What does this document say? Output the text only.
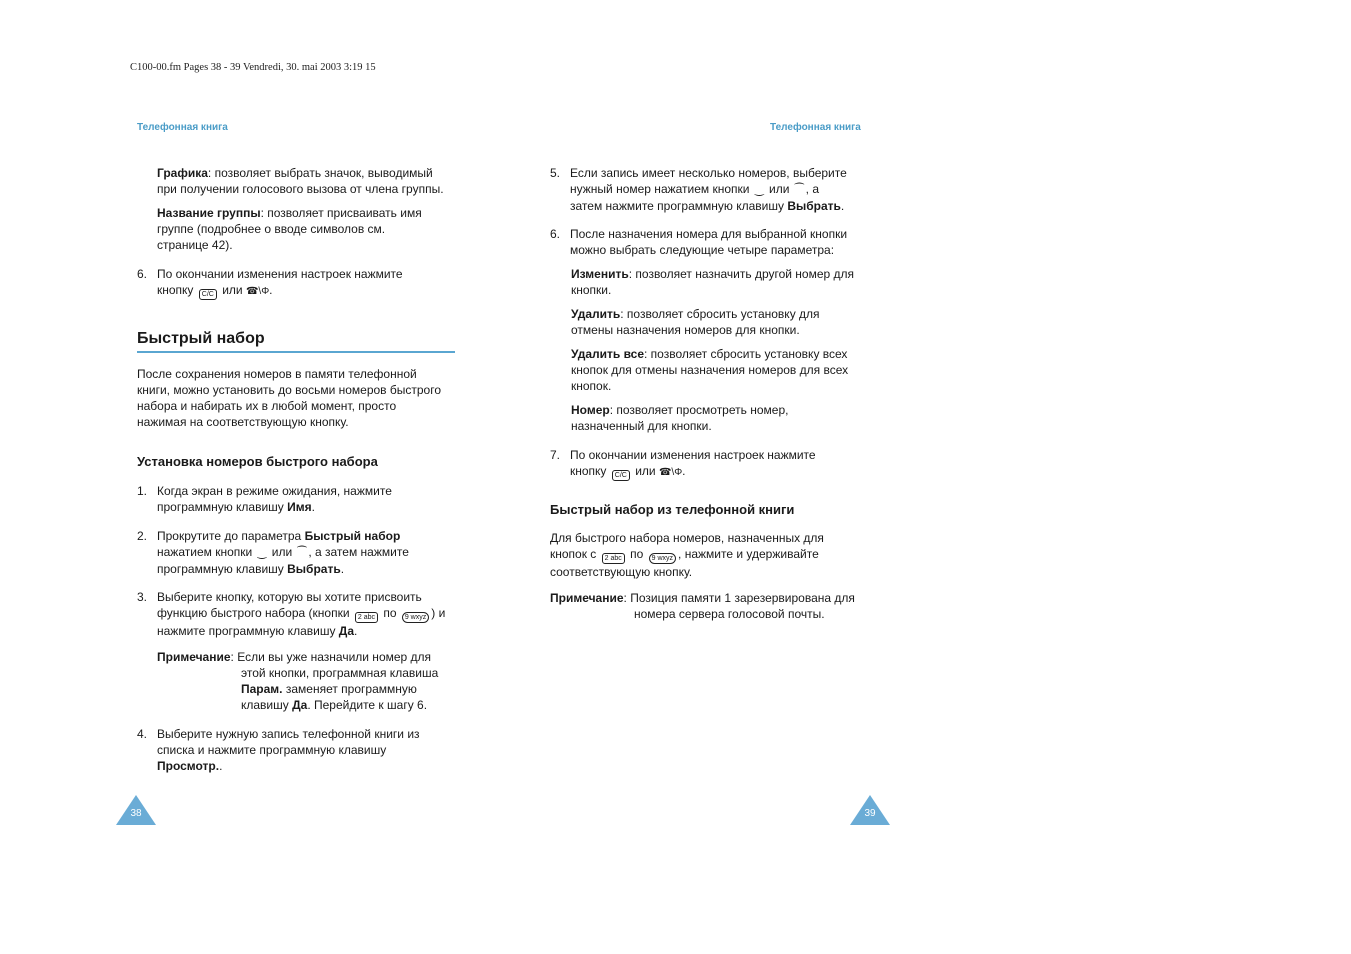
C100-00.fm Pages 38 - 39 Vendredi, 30. mai 2003 3:19 15
Телефонная книга	Телефонная книга
Графика: позволяет выбрать значок, выводимый
при получении голосового вызова от члена группы.
Название группы: позволяет присваивать имя
группе (подробнее о вводе символов см.
странице 42).
6. По окончании изменения настроек нажмите
кнопку C/C или ☎\Φ.
Быстрый набор
После сохранения номеров в памяти телефонной
книги, можно установить до восьми номеров быстрого
набора и набирать их в любой момент, просто
нажимая на соответствующую кнопку.
Установка номеров быстрого набора
1. Когда экран в режиме ожидания, нажмите
программную клавишу Имя.
2. Прокрутите до параметра Быстрый набор
нажатием кнопки ‿ или ⁀ , а затем нажмите
программную клавишу Выбрать.
3. Выберите кнопку, которую вы хотите присвоить
функцию быстрого набора (кнопки 2 abc по 9 wxyz ) и
нажмите программную клавишу Да.
Примечание: Если вы уже назначили номер для
этой кнопки, программная клавиша
Парам. заменяет программную
клавишу Да. Перейдите к шагу 6.
4. Выберите нужную запись телефонной книги из
списка и нажмите программную клавишу
Просмотр..
38
5. Если запись имеет несколько номеров, выберите
нужный номер нажатием кнопки ‿ или ⁀ , а
затем нажмите программную клавишу Выбрать.
6. После назначения номера для выбранной кнопки
можно выбрать следующие четыре параметра:
Изменить: позволяет назначить другой номер для
кнопки.
Удалить: позволяет сбросить установку для
отмены назначения номеров для кнопки.
Удалить все: позволяет сбросить установку всех
кнопок для отмены назначения номеров для всех
кнопок.
Номер: позволяет просмотреть номер,
назначенный для кнопки.
7. По окончании изменения настроек нажмите
кнопку C/C или ☎\Φ.
Быстрый набор из телефонной книги
Для быстрого набора номеров, назначенных для
кнопок с 2 abc по 9 wxyz , нажмите и удерживайте
соответствующую кнопку.
Примечание: Позиция памяти 1 зарезервирована для
номера сервера голосовой почты.
39
